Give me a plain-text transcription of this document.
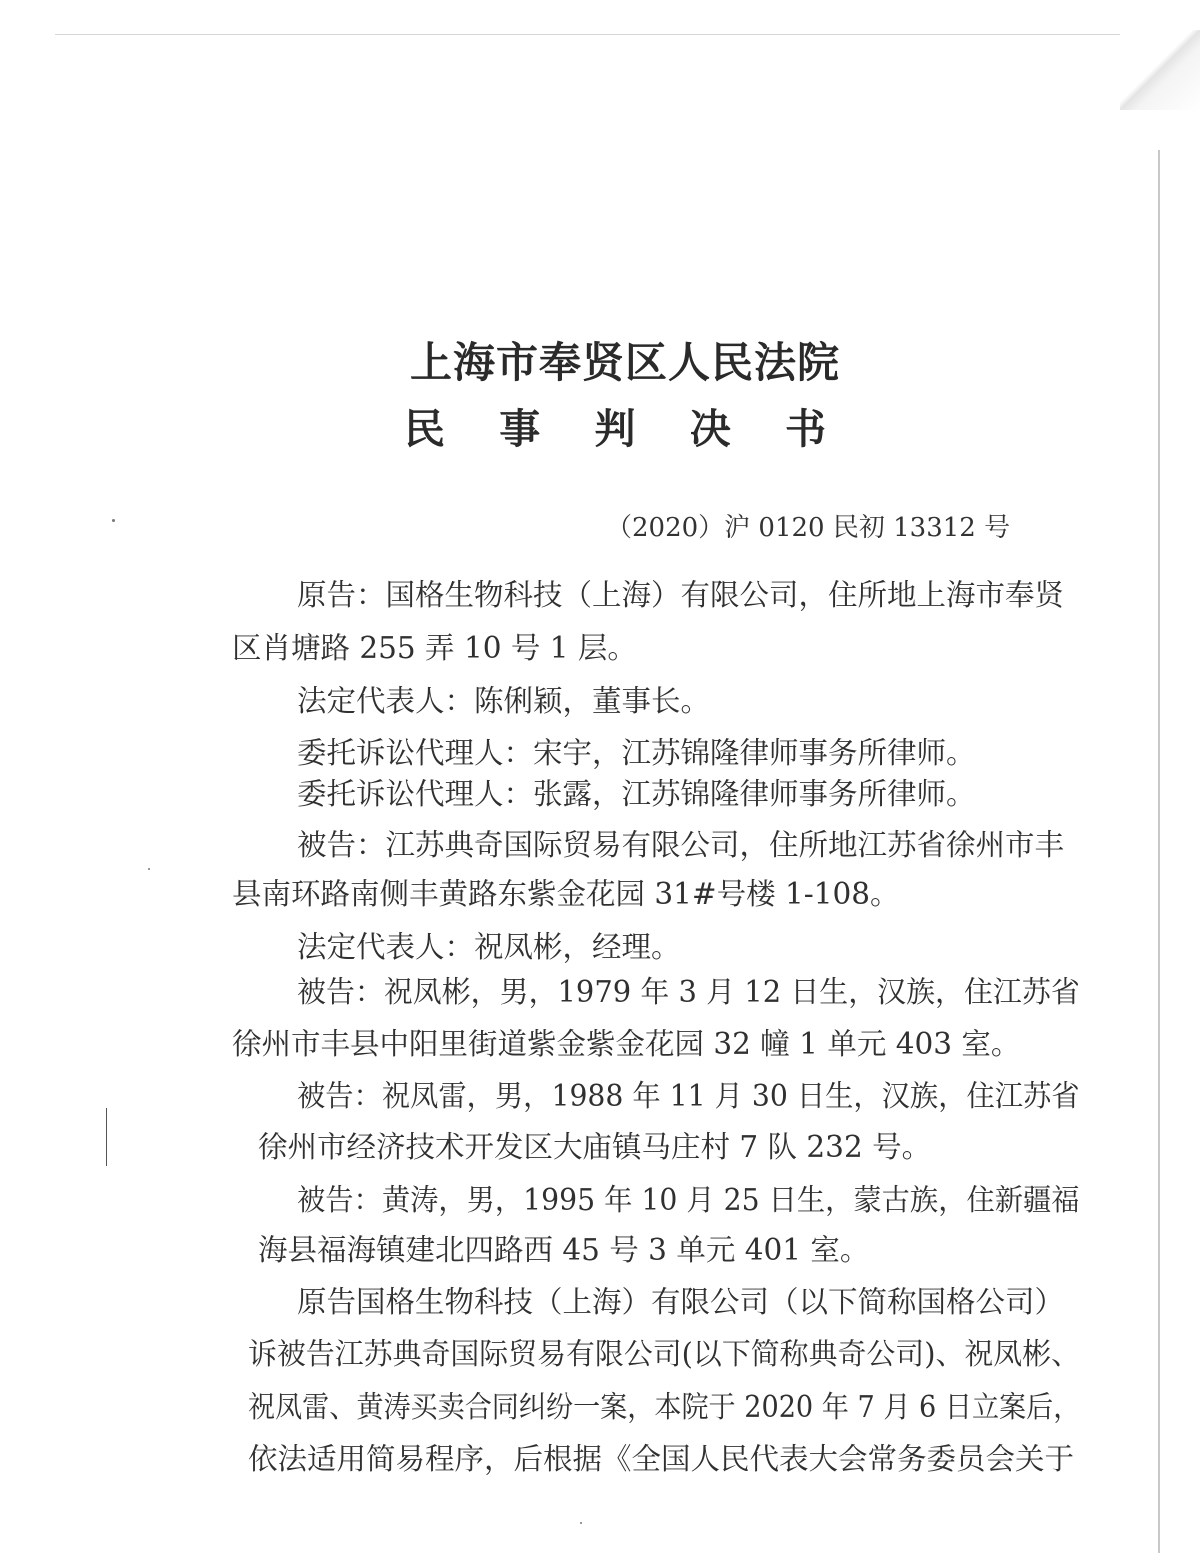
上海市奉贤区人民法院
民 事 判 决 书
（2020）沪 0120 民初 13312 号
原告：国格生物科技（上海）有限公司，住所地上海市奉贤
区肖塘路 255 弄 10 号 1 层。
法定代表人：陈俐颖，董事长。
委托诉讼代理人：宋宇，江苏锦隆律师事务所律师。
委托诉讼代理人：张露，江苏锦隆律师事务所律师。
被告：江苏典奇国际贸易有限公司，住所地江苏省徐州市丰
县南环路南侧丰黄路东紫金花园 31#号楼 1-108。
法定代表人：祝凤彬，经理。
被告：祝凤彬，男，1979 年 3 月 12 日生，汉族，住江苏省
徐州市丰县中阳里街道紫金紫金花园 32 幢 1 单元 403 室。
被告：祝凤雷，男，1988 年 11 月 30 日生，汉族，住江苏省
徐州市经济技术开发区大庙镇马庄村 7 队 232 号。
被告：黄涛，男，1995 年 10 月 25 日生，蒙古族，住新疆福
海县福海镇建北四路西 45 号 3 单元 401 室。
原告国格生物科技（上海）有限公司（以下简称国格公司）
诉被告江苏典奇国际贸易有限公司(以下简称典奇公司)、祝凤彬、
祝凤雷、黄涛买卖合同纠纷一案，本院于 2020 年 7 月 6 日立案后，
依法适用简易程序，后根据《全国人民代表大会常务委员会关于
